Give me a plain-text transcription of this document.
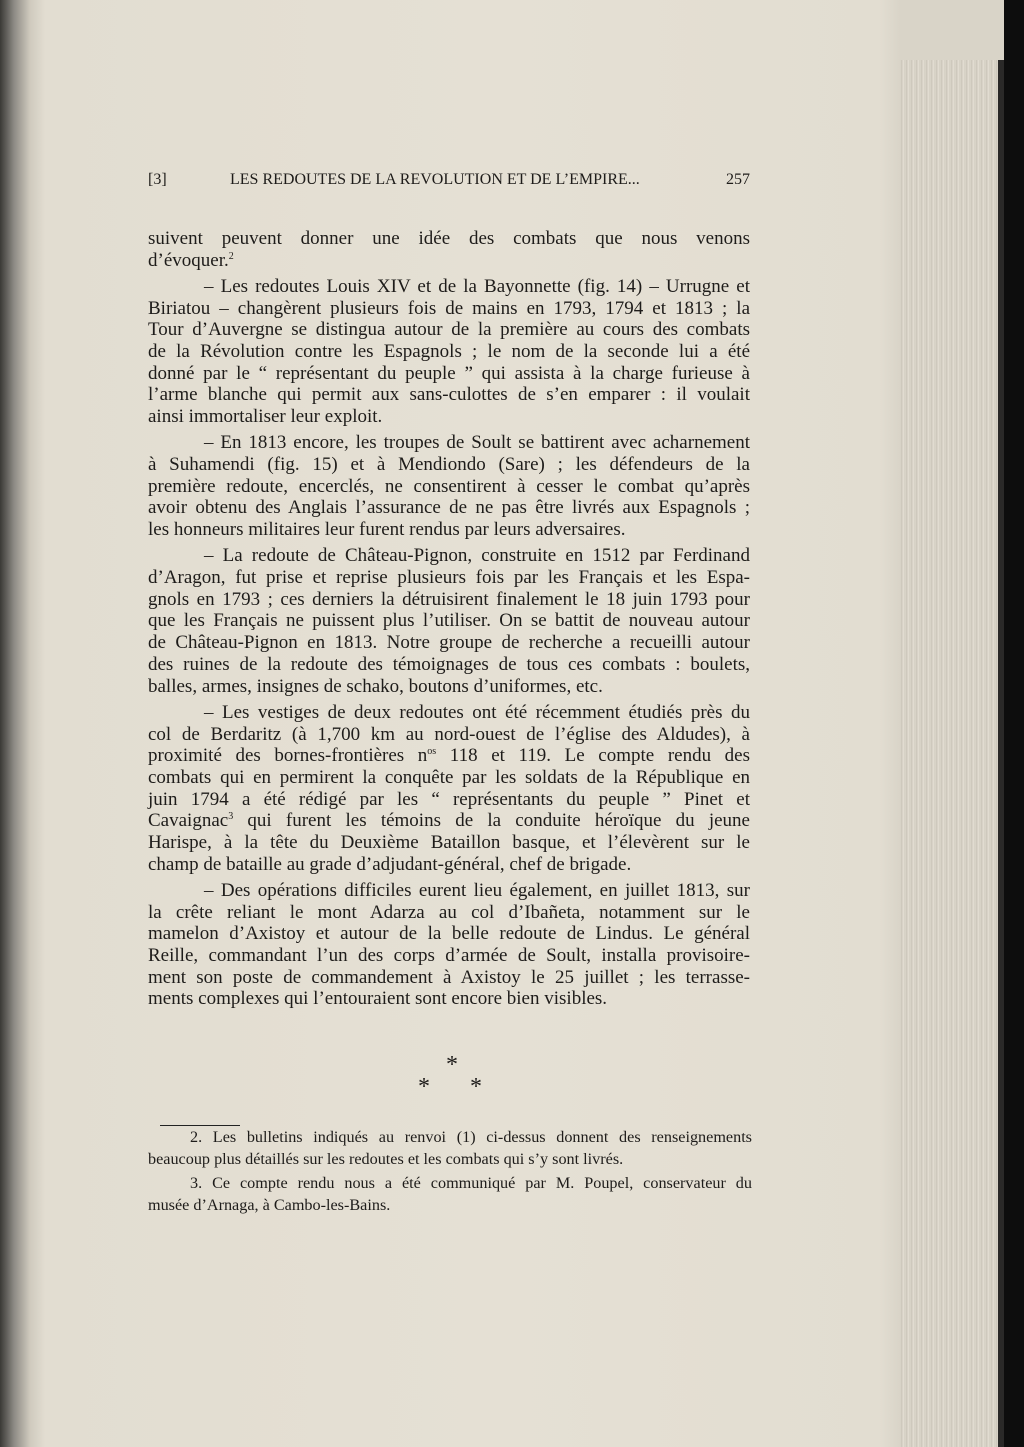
[3]	LES REDOUTES DE LA REVOLUTION ET DE L’EMPIRE...	257
suivent peuvent donner une idée des combats que nous venons
d’évoquer.$^2$
– Les redoutes Louis XIV et de la Bayonnette (fig. 14) – Urrugne et
Biriatou – changèrent plusieurs fois de mains en 1793, 1794 et 1813 ; la
Tour d’Auvergne se distingua autour de la première au cours des combats
de la Révolution contre les Espagnols ; le nom de la seconde lui a été
donné par le “ représentant du peuple ” qui assista à la charge furieuse à
l’arme blanche qui permit aux sans-culottes de s’en emparer : il voulait
ainsi immortaliser leur exploit.
– En 1813 encore, les troupes de Soult se battirent avec acharnement
à Suhamendi (fig. 15) et à Mendiondo (Sare) ; les défendeurs de la
première redoute, encerclés, ne consentirent à cesser le combat qu’après
avoir obtenu des Anglais l’assurance de ne pas être livrés aux Espagnols ;
les honneurs militaires leur furent rendus par leurs adversaires.
– La redoute de Château-Pignon, construite en 1512 par Ferdinand
d’Aragon, fut prise et reprise plusieurs fois par les Français et les Espa-
gnols en 1793 ; ces derniers la détruisirent finalement le 18 juin 1793 pour
que les Français ne puissent plus l’utiliser. On se battit de nouveau autour
de Château-Pignon en 1813. Notre groupe de recherche a recueilli autour
des ruines de la redoute des témoignages de tous ces combats : boulets,
balles, armes, insignes de schako, boutons d’uniformes, etc.
– Les vestiges de deux redoutes ont été récemment étudiés près du
col de Berdaritz (à 1,700 km au nord-ouest de l’église des Aldudes), à
proximité des bornes-frontières $n^{os}$ 118 et 119. Le compte rendu des
combats qui en permirent la conquête par les soldats de la République en
juin 1794 a été rédigé par les “ représentants du peuple ” Pinet et
Cavaignac$^3$ qui furent les témoins de la conduite héroïque du jeune
Harispe, à la tête du Deuxième Bataillon basque, et l’élevèrent sur le
champ de bataille au grade d’adjudant-général, chef de brigade.
– Des opérations difficiles eurent lieu également, en juillet 1813, sur
la crête reliant le mont Adarza au col d’Ibañeta, notamment sur le
mamelon d’Axistoy et autour de la belle redoute de Lindus. Le général
Reille, commandant l’un des corps d’armée de Soult, installa provisoire-
ment son poste de commandement à Axistoy le 25 juillet ; les terrasse-
ments complexes qui l’entouraient sont encore bien visibles.
*
* *
2. Les bulletins indiqués au renvoi (1) ci-dessus donnent des renseignements
beaucoup plus détaillés sur les redoutes et les combats qui s’y sont livrés.
3. Ce compte rendu nous a été communiqué par M. Poupel, conservateur du
musée d’Arnaga, à Cambo-les-Bains.
